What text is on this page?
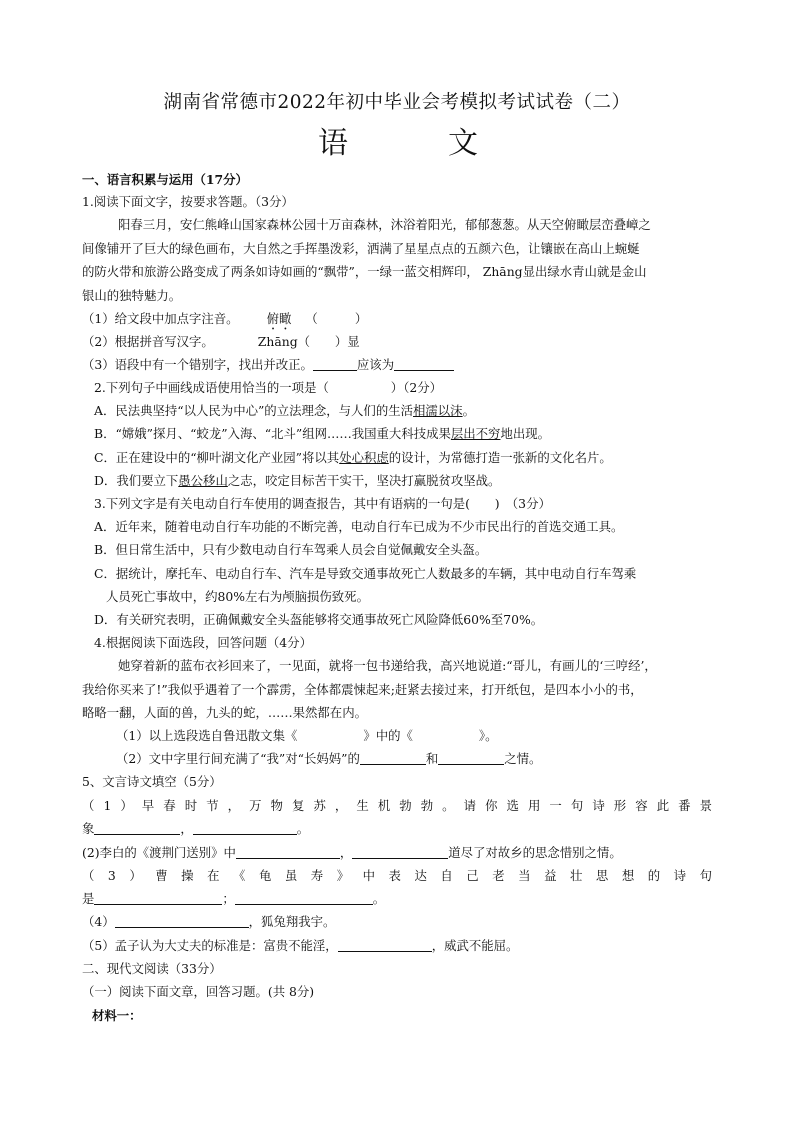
湖南省常德市2022年初中毕业会考模拟考试试卷（二）
语	文
一、语言积累与运用（17分）
1.阅读下面文字，按要求答题。（3分）
阳春三月，安仁熊峰山国家森林公园十万亩森林，沐浴着阳光，郁郁葱葱。从天空俯瞰层峦叠嶂之
间像铺开了巨大的绿色画布，大自然之手挥墨泼彩，洒满了星星点点的五颜六色，让镶嵌在高山上蜿蜒
的防火带和旅游公路变成了两条如诗如画的“飘带”，一绿一蓝交相辉印， Zhāng显出绿水青山就是金山
银山的独特魅力。
（1）给文段中加点字注音。 俯瞰 （　　　）
（2）根据拼音写汉字。	Zhāng（　　）显
（3）语段中有一个错别字，找出并改正。	应该为
2.下列句子中画线成语使用恰当的一项是（　　　　　）（2分）
A．民法典坚持“以人民为中心”的立法理念，与人们的生活相濡以沫。
B．“嫦娥”探月、“蛟龙”入海、“北斗”组网……我国重大科技成果层出不穷地出现。
C．正在建设中的“柳叶湖文化产业园”将以其处心积虑的设计，为常德打造一张新的文化名片。
D．我们要立下愚公移山之志，咬定目标苦干实干，坚决打赢脱贫攻坚战。
3.下列文字是有关电动自行车使用的调查报告，其中有语病的一句是(　　)　（3分）
A．近年来，随着电动自行车功能的不断完善，电动自行车已成为不少市民出行的首选交通工具。
B．但日常生活中，只有少数电动自行车驾乘人员会自觉佩戴安全头盔。
C．据统计，摩托车、电动自行车、汽车是导致交通事故死亡人数最多的车辆，其中电动自行车驾乘
人员死亡事故中，约80%左右为颅脑损伤致死。
D．有关研究表明，正确佩戴安全头盔能够将交通事故死亡风险降低60%至70%。
4.根据阅读下面选段，回答问题（4分）
她穿着新的蓝布衣衫回来了，一见面，就将一包书递给我，高兴地说道:“哥儿，有画儿的‘三哼经’，
我给你买来了!”我似乎遇着了一个霹雳，全体都震悚起来;赶紧去接过来，打开纸包，是四本小小的书，
略略一翻，人面的兽，九头的蛇，……果然都在内。
（1）以上选段选自鲁迅散文集《	》中的《	》。
（2）文中字里行间充满了“我”对“长妈妈”的	和	之情。
5、文言诗文填空（5分）
（1）早春时节，万物复苏，生机勃勃。请你选用一句诗形容此番景
象	，	。
(2)李白的《渡荆门送别》中	，	道尽了对故乡的思念惜别之情。
（3）曹操在《龟虽寿》中表达自己老当益壮思想的诗句
是	；	。
（4）	，狐兔翔我宇。
（5）孟子认为大丈夫的标准是：富贵不能淫，	，威武不能屈。
二、现代文阅读（33分）
（一）阅读下面文章，回答习题。(共 8分)
材料一：
